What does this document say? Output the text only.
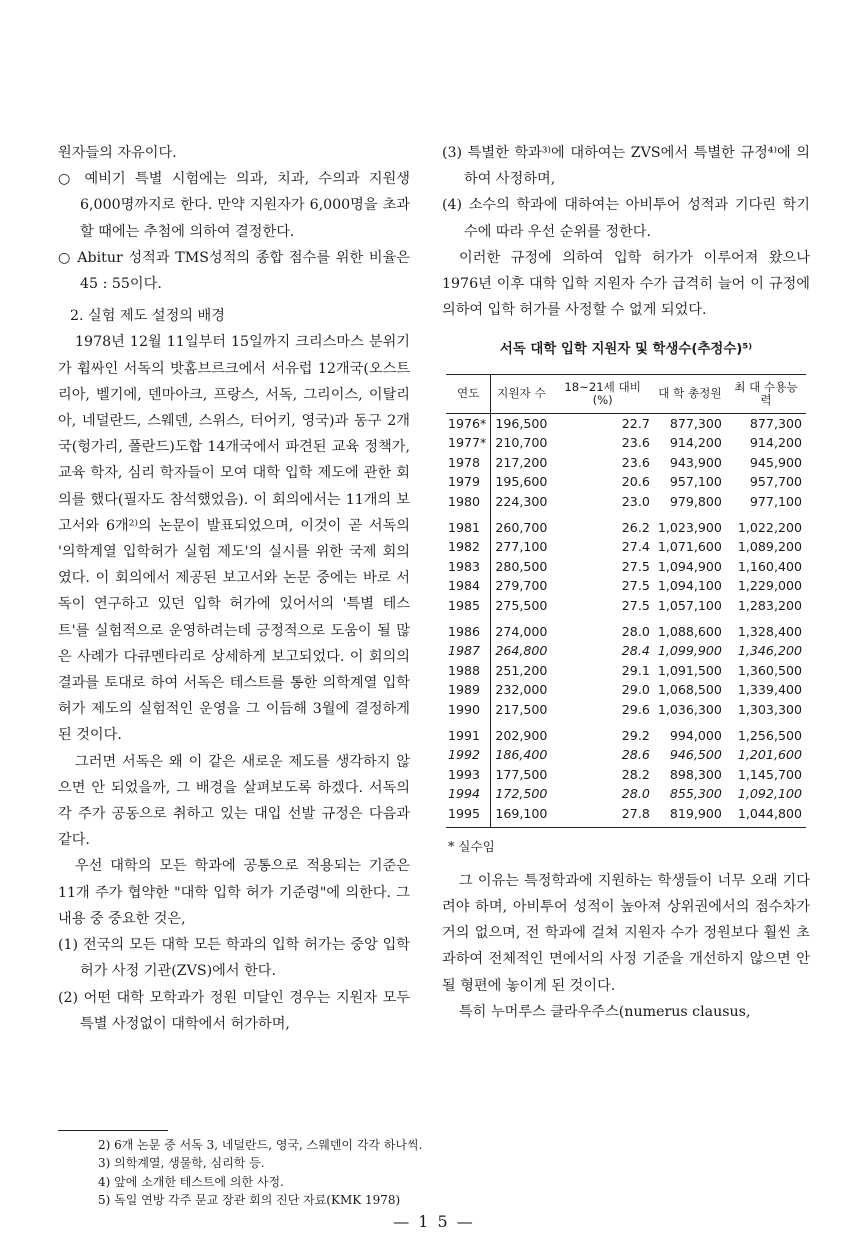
원자들의 자유이다.

○ 예비기 특별 시험에는 의과, 치과, 수의과 지원생 6,000명까지로 한다. 만약 지원자가 6,000명을 초과 할 때에는 추첨에 의하여 결정한다.

○ Abitur 성적과 TMS성적의 종합 점수를 위한 비율은 45 : 55이다.

2. 실험 제도 설정의 배경

1978년 12월 11일부터 15일까지 크리스마스 분위기가 휩싸인 서독의 밧홈브르크에서 서유럽 12개국(오스트리아, 벨기에, 덴마아크, 프랑스, 서독, 그리이스, 이탈리아, 네덜란드, 스웨덴, 스위스, 터어키, 영국)과 동구 2개국(헝가리, 폴란드)도합 14개국에서 파견된 교육 정책가, 교육 학자, 심리 학자들이 모여 대학 입학 제도에 관한 회의를 했다(필자도 참석했었음). 이 회의에서는 11개의 보고서와 6개²⁾의 논문이 발표되었으며, 이것이 곧 서독의 '의학계열 입학허가 실험 제도'의 실시를 위한 국제 회의였다. 이 회의에서 제공된 보고서와 논문 중에는 바로 서독이 연구하고 있던 입학 허가에 있어서의 '특별 테스트'를 실험적으로 운영하려는데 긍정적으로 도움이 될 많은 사례가 다큐멘타리로 상세하게 보고되었다. 이 회의의 결과를 토대로 하여 서독은 테스트를 통한 의학계열 입학 허가 제도의 실험적인 운영을 그 이듬해 3월에 결정하게 된 것이다.

그러면 서독은 왜 이 같은 새로운 제도를 생각하지 않으면 안 되었을까, 그 배경을 살펴보도록 하겠다. 서독의 각 주가 공동으로 취하고 있는 대입 선발 규정은 다음과 같다.

우선 대학의 모든 학과에 공통으로 적용되는 기준은 11개 주가 협약한 "대학 입학 허가 기준령"에 의한다. 그 내용 중 중요한 것은,

(1) 전국의 모든 대학 모든 학과의 입학 허가는 중앙 입학 허가 사정 기관(ZVS)에서 한다.

(2) 어떤 대학 모학과가 정원 미달인 경우는 지원자 모두 특별 사정없이 대학에서 허가하며,

(3) 특별한 학과³⁾에 대하여는 ZVS에서 특별한 규정⁴⁾에 의하여 사정하며,

(4) 소수의 학과에 대하여는 아비투어 성적과 기다린 학기 수에 따라 우선 순위를 정한다.

이러한 규정에 의하여 입학 허가가 이루어져 왔으나 1976년 이후 대학 입학 지원자 수가 급격히 늘어 이 규정에 의하여 입학 허가를 사정할 수 없게 되었다.

서독 대학 입학 지원자 및 학생수(추정수)⁵⁾
연도	지원자 수	18~21세 대비 (%)	대 학 총정원	최 대 수용능력
1976*	196,500	22.7	877,300	877,300
1977*	210,700	23.6	914,200	914,200
1978	217,200	23.6	943,900	945,900
1979	195,600	20.6	957,100	957,700
1980	224,300	23.0	979,800	977,100
1981	260,700	26.2	1,023,900	1,022,200
1982	277,100	27.4	1,071,600	1,089,200
1983	280,500	27.5	1,094,900	1,160,400
1984	279,700	27.5	1,094,100	1,229,000
1985	275,500	27.5	1,057,100	1,283,200
1986	274,000	28.0	1,088,600	1,328,400
1987	264,800	28.4	1,099,900	1,346,200
1988	251,200	29.1	1,091,500	1,360,500
1989	232,000	29.0	1,068,500	1,339,400
1990	217,500	29.6	1,036,300	1,303,300
1991	202,900	29.2	994,000	1,256,500
1992	186,400	28.6	946,500	1,201,600
1993	177,500	28.2	898,300	1,145,700
1994	172,500	28.0	855,300	1,092,100
1995	169,100	27.8	819,900	1,044,800
* 실수임

그 이유는 특정학과에 지원하는 학생들이 너무 오래 기다려야 하며, 아비투어 성적이 높아져 상위권에서의 점수차가 거의 없으며, 전 학과에 걸쳐 지원자 수가 정원보다 훨씬 초과하여 전체적인 면에서의 사정 기준을 개선하지 않으면 안될 형편에 놓이게 된 것이다.

특히 누머루스 클라우주스(numerus clausus,

2) 6개 논문 중 서독 3, 네덜란드, 영국, 스웨덴이 각각 하나씩.

3) 의학계열, 생물학, 심리학 등.

4) 앞에 소개한 테스트에 의한 사정.

5) 독일 연방 각주 문교 장관 회의 진단 자료(KMK 1978)

— 1 5 —
